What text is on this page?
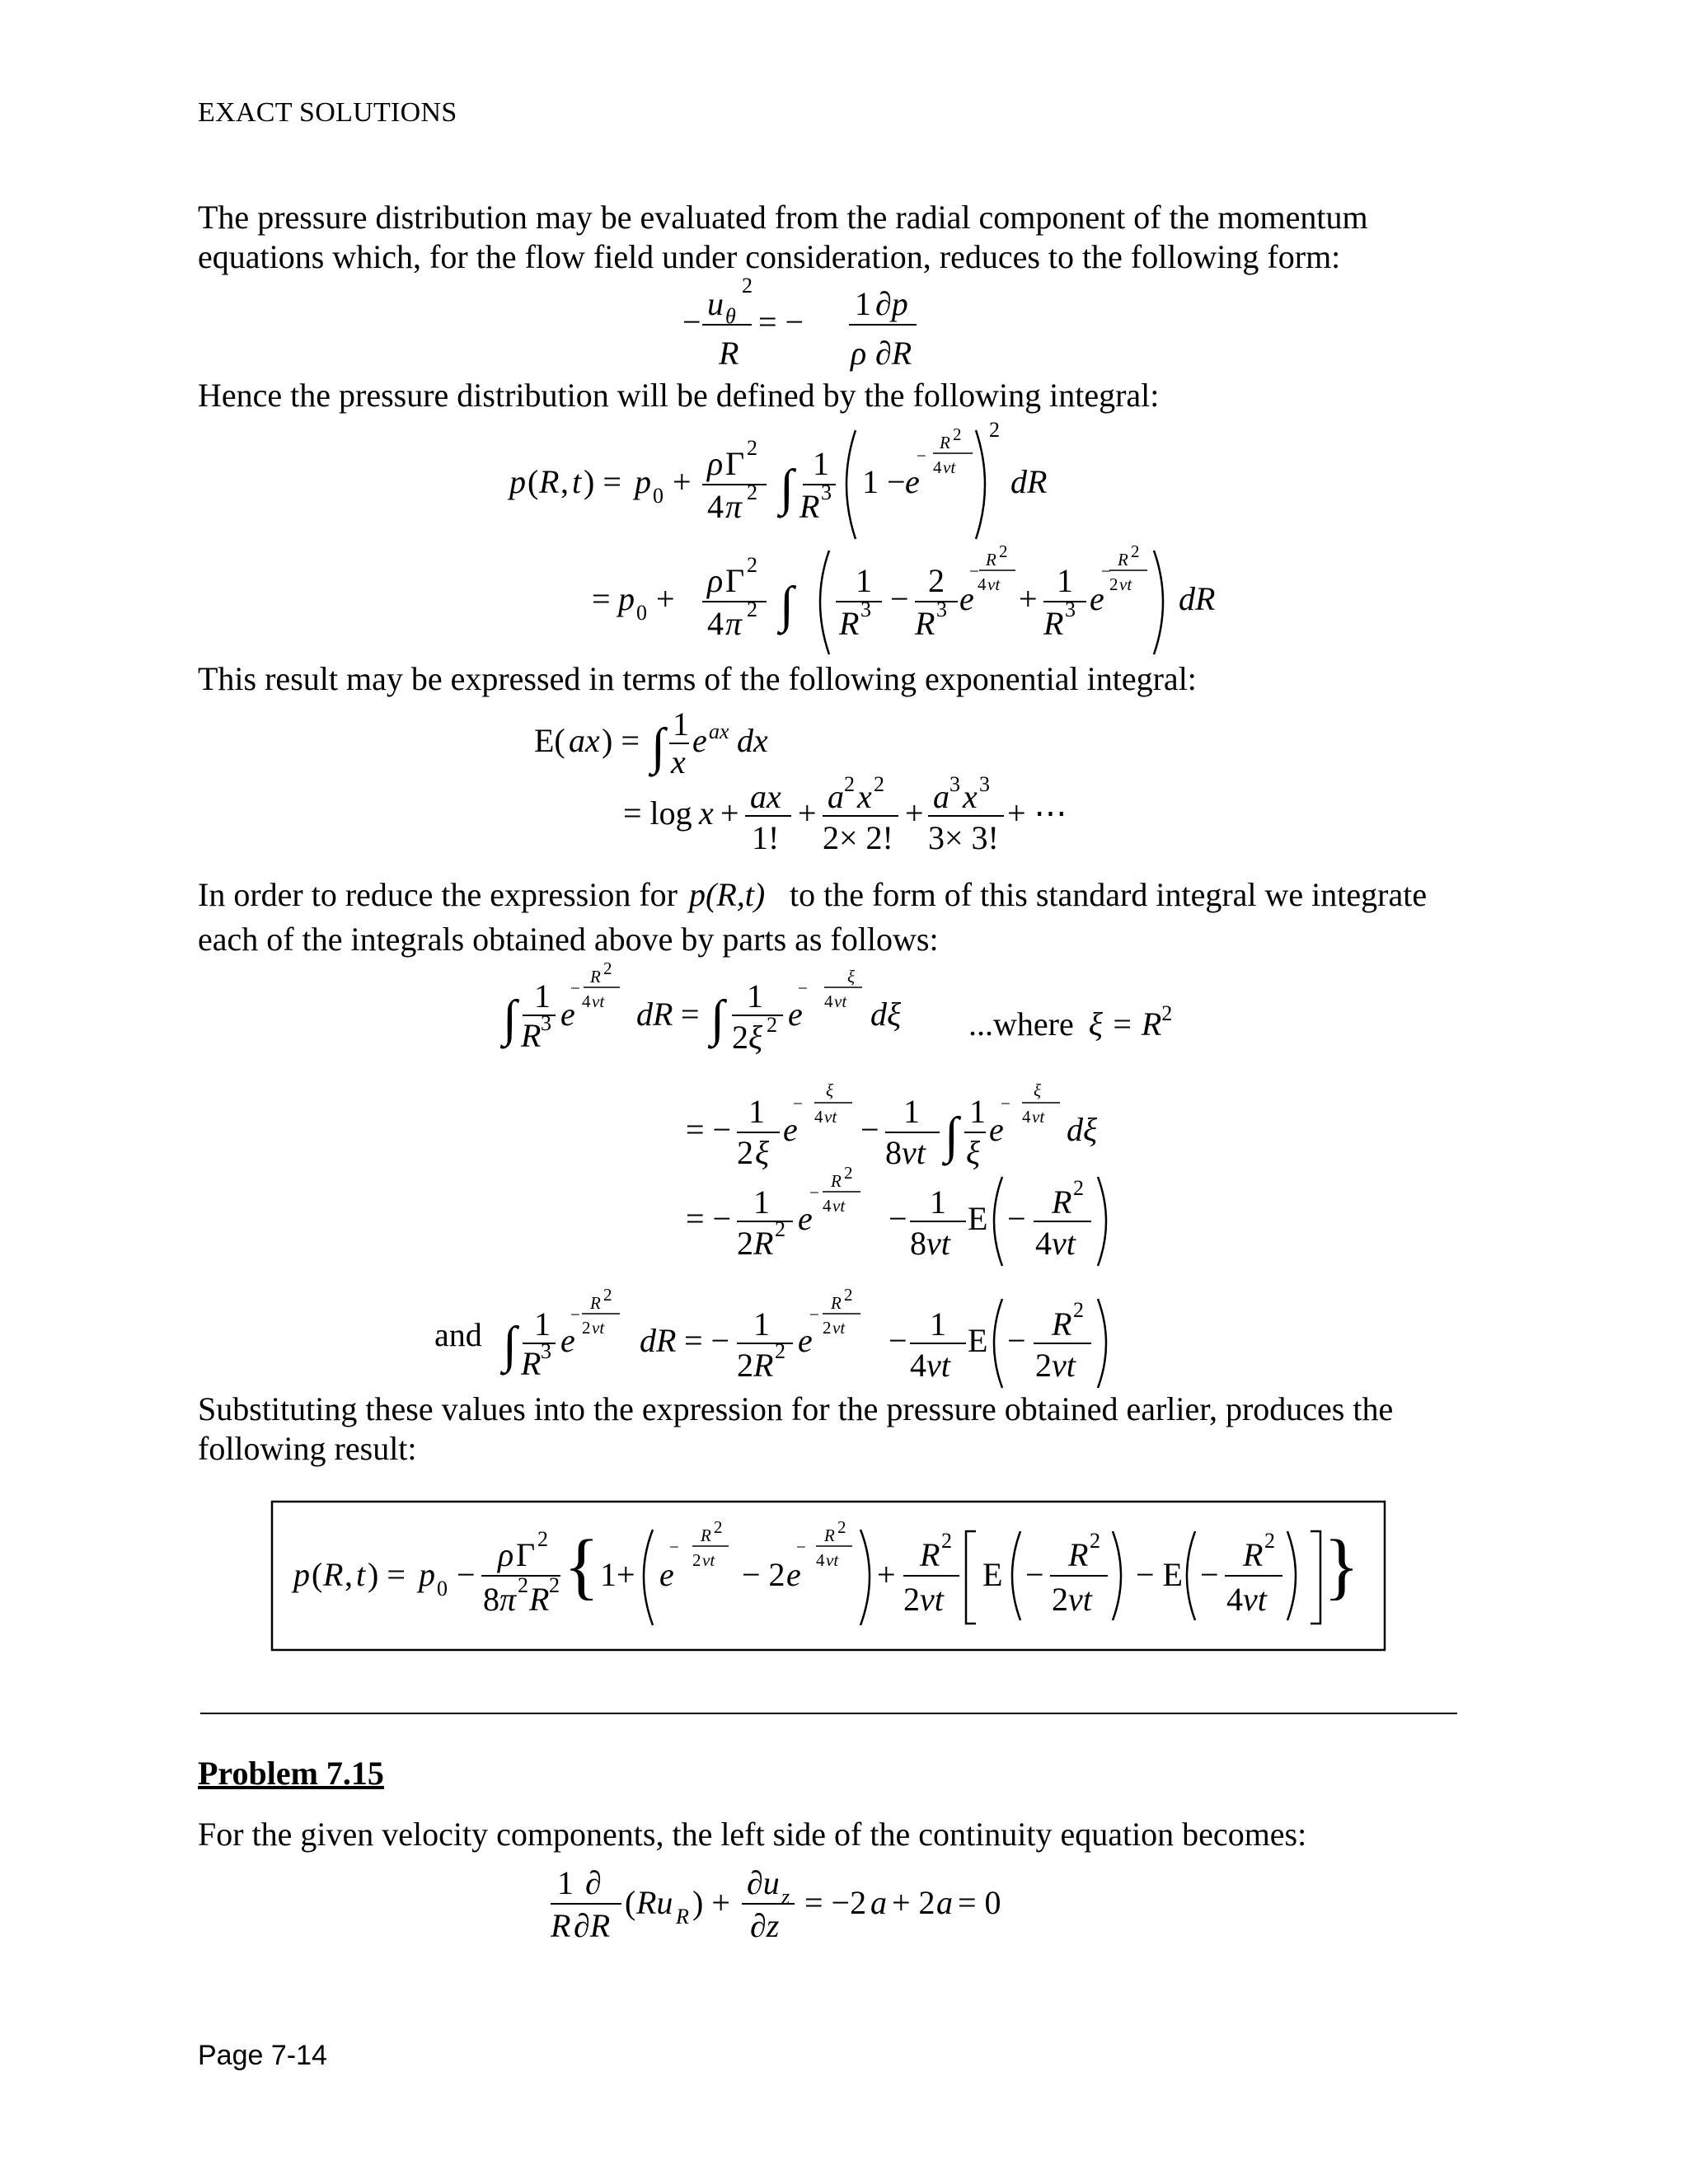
EXACT SOLUTIONS
The pressure distribution may be evaluated from the radial component of the momentum
equations which, for the flow field under consideration, reduces to the following form:
Hence the pressure distribution will be defined by the following integral:
This result may be expressed in terms of the following exponential integral:
In order to reduce the expression for p(R,t) to the form of this standard integral we integrate
each of the integrals obtained above by parts as follows:
...where $\xi = R^2$
and
Substituting these values into the expression for the pressure obtained earlier, produces the
following result:
Problem 7.15
For the given velocity components, the left side of the continuity equation becomes:
Page 7-14
− u θ
2
R
= − 1 ∂p
ρ ∂R
p ( R , t ) = p 0 + ρ Γ 2
4 π 2 ∫ 1
R 3 1 − e
−
R 2
4 νt
2
dR
= p 0 + ρ Γ 2
4 π 2 ∫ 1
R 3 − 2
R 3 e
−
R 2
4 νt + 1
R 3 e
−
R 2
2 νt dR
E( ax ) = ∫ 1
x
e ax dx
= log x + ax
1!
+ a 2 x 2
2× 2!
+ a 3 x 3
3× 3!
+ ⋯
∫ 1
R 3 e
−
R 2
4 νt dR = ∫ 1
2 ξ 2 e
−
ξ
4 νt dξ
= − 1
2 ξ
e
−
ξ
4 νt − 1
8 νt ∫ 1
ξ
e
−
ξ
4 νt dξ
= − 1
2 R 2 e
−
R 2
4 νt − 1
8 νt
E − R 2
4 νt
∫ 1
R 3 e
−
R 2
2 νt dR = − 1
2 R 2 e
−
R 2
2 νt − 1
4 νt
E − R 2
2 νt
p ( R , t ) = p 0 −
ρ Γ 2
8 π 2 R 2 { 1+ e
−
R 2
2 νt − 2 e
−
R 2
4 νt +
R 2
2 νt
E −
R 2
2 νt
− E −
R 2
4 νt }
1 ∂
R ∂R
( Ru R ) +
∂u z
∂z
= −2 a + 2 a = 0
